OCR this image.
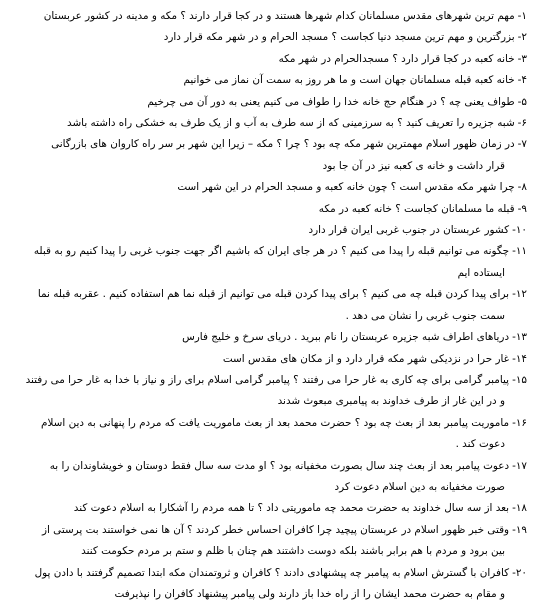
۱-مهم ترین شهرهای مقدس مسلمانان کدام شهرها هستند و در کجا قرار دارند ؟ مکه و مدینه در کشور عربستان
۲-بزرگترین و مهم ترین مسجد دنیا کجاست ؟ مسجد الحرام و در شهر مکه قرار دارد
۳-خانه کعبه در کجا قرار دارد ؟ مسجدالحرام در شهر مکه
۴-خانه کعبه قبله مسلمانان جهان است و ما هر روز به سمت آن نماز می خوانیم
۵-طواف یعنی چه ؟ در هنگام حج خانه خدا را طواف می کنیم یعنی به دور آن می چرخیم
۶-شبه جزیره را تعریف کنید ؟ به سرزمینی که از سه طرف به آب و از یک طرف به خشکی راه داشته باشد
۷-در زمان ظهور اسلام مهمترین شهر مکه چه بود ؟ چرا ؟ مکه – زیرا این شهر بر سر راه کاروان های بازرگانی
قرار داشت و خانه ی کعبه نیز در آن جا بود
۸-چرا شهر مکه مقدس است ؟ چون خانه کعبه و مسجد الحرام در این شهر است
۹-قبله ما مسلمانان کجاست ؟ خانه کعبه در مکه
۱۰-کشور عربستان در جنوب غربی ایران قرار دارد
۱۱-چگونه می توانیم قبله را پیدا می کنیم ؟ در هر جای ایران که باشیم اگر جهت جنوب غربی را پیدا کنیم رو به قبله
ایستاده ایم
۱۲-برای پیدا کردن قبله چه می کنیم ؟ برای پیدا کردن قبله می توانیم از قبله نما هم استفاده کنیم . عقربه قبله نما
سمت جنوب غربی را نشان می دهد .
۱۳-دریاهای اطراف شبه جزیره عربستان را نام ببرید . دریای سرخ و خلیج فارس
۱۴-غار حرا در نزدیکی شهر مکه قرار دارد و از مکان های مقدس است
۱۵-پیامبر گرامی برای چه کاری به غار حرا می رفتند ؟ پیامبر گرامی اسلام برای راز و نیاز با خدا به غار حرا می رفتند
و در این غار از طرف خداوند به پیامبری مبعوث شدند
۱۶-ماموریت پیامبر بعد از بعث چه بود ؟ حضرت محمد بعد از بعث ماموریت یافت که مردم را پنهانی به دین اسلام
دعوت کند .
۱۷-دعوت پیامبر بعد از بعث چند سال بصورت مخفیانه بود ؟ او مدت سه سال فقط دوستان و خویشاوندان را به
صورت مخفیانه به دین اسلام دعوت کرد
۱۸-بعد از سه سال خداوند به حضرت محمد چه ماموریتی داد ؟ تا همه مردم را آشکارا به اسلام دعوت کند
۱۹-وقتی خبر ظهور اسلام در عربستان پیچید چرا کافران احساس خطر کردند ؟ آن ها نمی خواستند بت پرستی از
بین برود و مردم با هم برابر باشند بلکه دوست داشتند هم چنان با ظلم و ستم بر مردم حکومت کنند
۲۰-کافران با گسترش اسلام به پیامبر چه پیشنهادی دادند ؟ کافران و ثروتمندان مکه ابتدا تصمیم گرفتند با دادن پول
و مقام به حضرت محمد ایشان را از راه خدا باز دارند ولی پیامبر پیشنهاد کافران را نپذیرفت
